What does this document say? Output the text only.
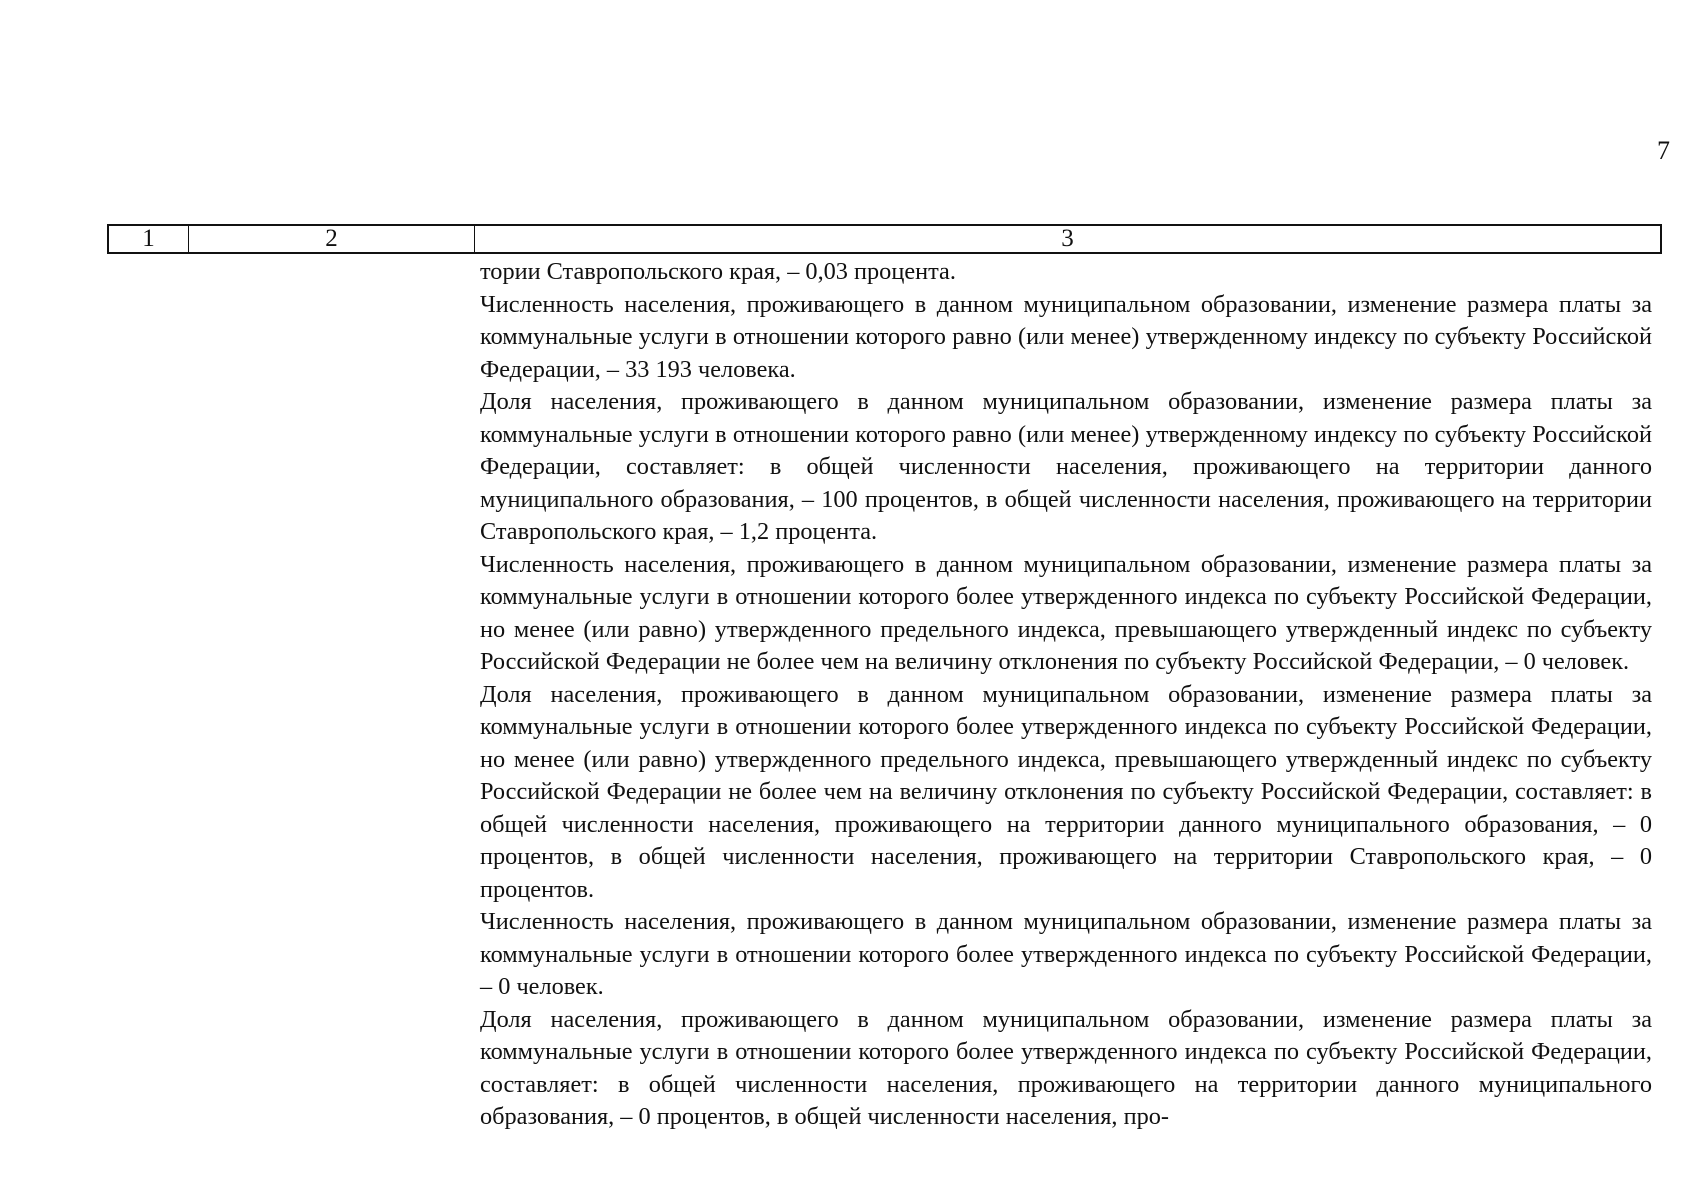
7
1	2	3

тории Ставропольского края, – 0,03 процента.

Численность населения, проживающего в данном муниципальном образовании, изменение размера платы за коммунальные услуги в отношении которого равно (или менее) утвержденному индексу по субъекту Российской Федерации, – 33 193 человека.

Доля населения, проживающего в данном муниципальном образовании, изменение размера платы за коммунальные услуги в отношении которого равно (или менее) утвержденному индексу по субъекту Российской Федерации, составляет: в общей численности населения, проживающего на территории данного муниципального образования, – 100 процентов, в общей численности населения, проживающего на территории Ставропольского края, – 1,2 процента.

Численность населения, проживающего в данном муниципальном образовании, изменение размера платы за коммунальные услуги в отношении которого более утвержденного индекса по субъекту Российской Федерации, но менее (или равно) утвержденного предельного индекса, превышающего утвержденный индекс по субъекту Российской Федерации не более чем на величину отклонения по субъекту Российской Федерации, – 0 человек.

Доля населения, проживающего в данном муниципальном образовании, изменение размера платы за коммунальные услуги в отношении которого более утвержденного индекса по субъекту Российской Федерации, но менее (или равно) утвержденного предельного индекса, превышающего утвержденный индекс по субъекту Российской Федерации не более чем на величину отклонения по субъекту Российской Федерации, составляет: в общей численности населения, проживающего на территории данного муниципального образования, – 0 процентов, в общей численности населения, проживающего на территории Ставропольского края, – 0 процентов.

Численность населения, проживающего в данном муниципальном образовании, изменение размера платы за коммунальные услуги в отношении которого более утвержденного индекса по субъекту Российской Федерации, – 0 человек.

Доля населения, проживающего в данном муниципальном образовании, изменение размера платы за коммунальные услуги в отношении которого более утвержденного индекса по субъекту Российской Федерации, составляет: в общей численности населения, проживающего на территории данного муниципального образования, – 0 процентов, в общей численности населения, про-
